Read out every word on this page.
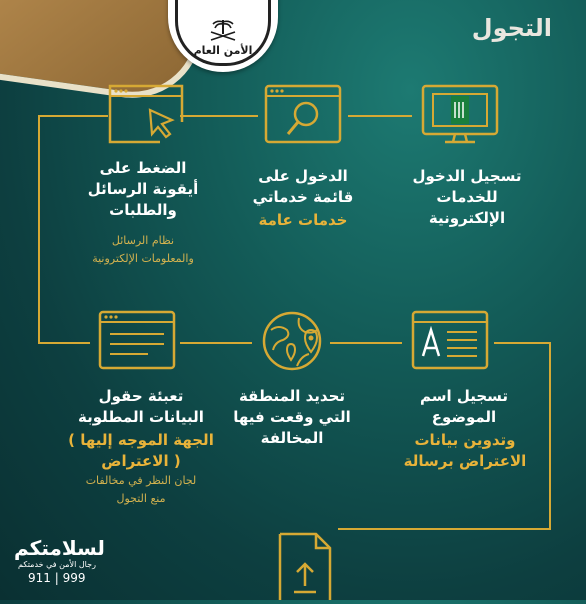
الأمن العام
التجول
تسجيل الدخول
للخدمات
الإلكترونية
الدخول على
قائمة خدماتي
خدمات عامة
الضغط على
أيقونة الرسائل
والطلبات
نظام الرسائل
والمعلومات الإلكترونية
تسجيل اسم
الموضوع
وتدوين بيانات
الاعتراض برسالة
تحديد المنطقة
التي وقعت فيها
المخالفة
تعبئة حقول
البيانات المطلوبة
( الجهة الموجه إليها
الاعتراض )
لجان النظر في مخالفات
منع التجول
لسلامتكم
رجال الأمن في خدمتكم
911 | 999
